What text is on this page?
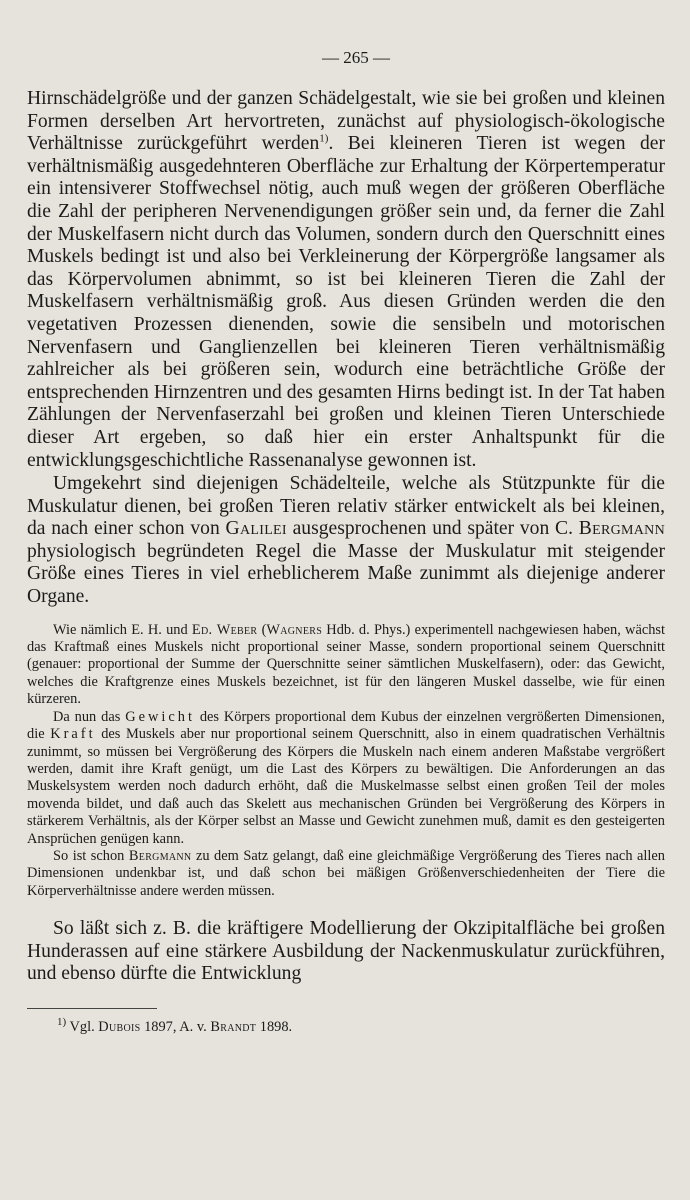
— 265 —

Hirnschädelgröße und der ganzen Schädelgestalt, wie sie bei großen und kleinen Formen derselben Art hervortreten, zunächst auf physiologisch-ökologische Verhältnisse zurückgeführt werden$^{1)}$. Bei kleineren Tieren ist wegen der verhältnismäßig ausgedehnteren Oberfläche zur Erhaltung der Körpertemperatur ein intensiverer Stoffwechsel nötig, auch muß wegen der größeren Oberfläche die Zahl der peripheren Nervenendigungen größer sein und, da ferner die Zahl der Muskelfasern nicht durch das Volumen, sondern durch den Querschnitt eines Muskels bedingt ist und also bei Verkleinerung der Körpergröße langsamer als das Körpervolumen abnimmt, so ist bei kleineren Tieren die Zahl der Muskelfasern verhältnismäßig groß. Aus diesen Gründen werden die den vegetativen Prozessen dienenden, sowie die sensibeln und motorischen Nervenfasern und Ganglienzellen bei kleineren Tieren verhältnismäßig zahlreicher als bei größeren sein, wodurch eine beträchtliche Größe der entsprechenden Hirnzentren und des gesamten Hirns bedingt ist. In der Tat haben Zählungen der Nervenfaserzahl bei großen und kleinen Tieren Unterschiede dieser Art ergeben, so daß hier ein erster Anhaltspunkt für die entwicklungsgeschichtliche Rassenanalyse gewonnen ist.

Umgekehrt sind diejenigen Schädelteile, welche als Stützpunkte für die Muskulatur dienen, bei großen Tieren relativ stärker entwickelt als bei kleinen, da nach einer schon von Galilei ausgesprochenen und später von C. Bergmann physiologisch begründeten Regel die Masse der Muskulatur mit steigender Größe eines Tieres in viel erheblicherem Maße zunimmt als diejenige anderer Organe.

Wie nämlich E. H. und Ed. Weber (Wagners Hdb. d. Phys.) experimentell nachgewiesen haben, wächst das Kraftmaß eines Muskels nicht proportional seiner Masse, sondern proportional seinem Querschnitt (genauer: proportional der Summe der Querschnitte seiner sämtlichen Muskelfasern), oder: das Gewicht, welches die Kraftgrenze eines Muskels bezeichnet, ist für den längeren Muskel dasselbe, wie für einen kürzeren.

Da nun das Gewicht des Körpers proportional dem Kubus der einzelnen vergrößerten Dimensionen, die Kraft des Muskels aber nur proportional seinem Querschnitt, also in einem quadratischen Verhältnis zunimmt, so müssen bei Vergrößerung des Körpers die Muskeln nach einem anderen Maßstabe vergrößert werden, damit ihre Kraft genügt, um die Last des Körpers zu bewältigen. Die Anforderungen an das Muskelsystem werden noch dadurch erhöht, daß die Muskelmasse selbst einen großen Teil der moles movenda bildet, und daß auch das Skelett aus mechanischen Gründen bei Vergrößerung des Körpers in stärkerem Verhältnis, als der Körper selbst an Masse und Gewicht zunehmen muß, damit es den gesteigerten Ansprüchen genügen kann.

So ist schon Bergmann zu dem Satz gelangt, daß eine gleichmäßige Vergrößerung des Tieres nach allen Dimensionen undenkbar ist, und daß schon bei mäßigen Größenverschiedenheiten der Tiere die Körperverhältnisse andere werden müssen.

So läßt sich z. B. die kräftigere Modellierung der Okzipitalfläche bei großen Hunderassen auf eine stärkere Ausbildung der Nackenmuskulatur zurückführen, und ebenso dürfte die Entwicklung

$^{1)}$ Vgl. Dubois 1897, A. v. Brandt 1898.
